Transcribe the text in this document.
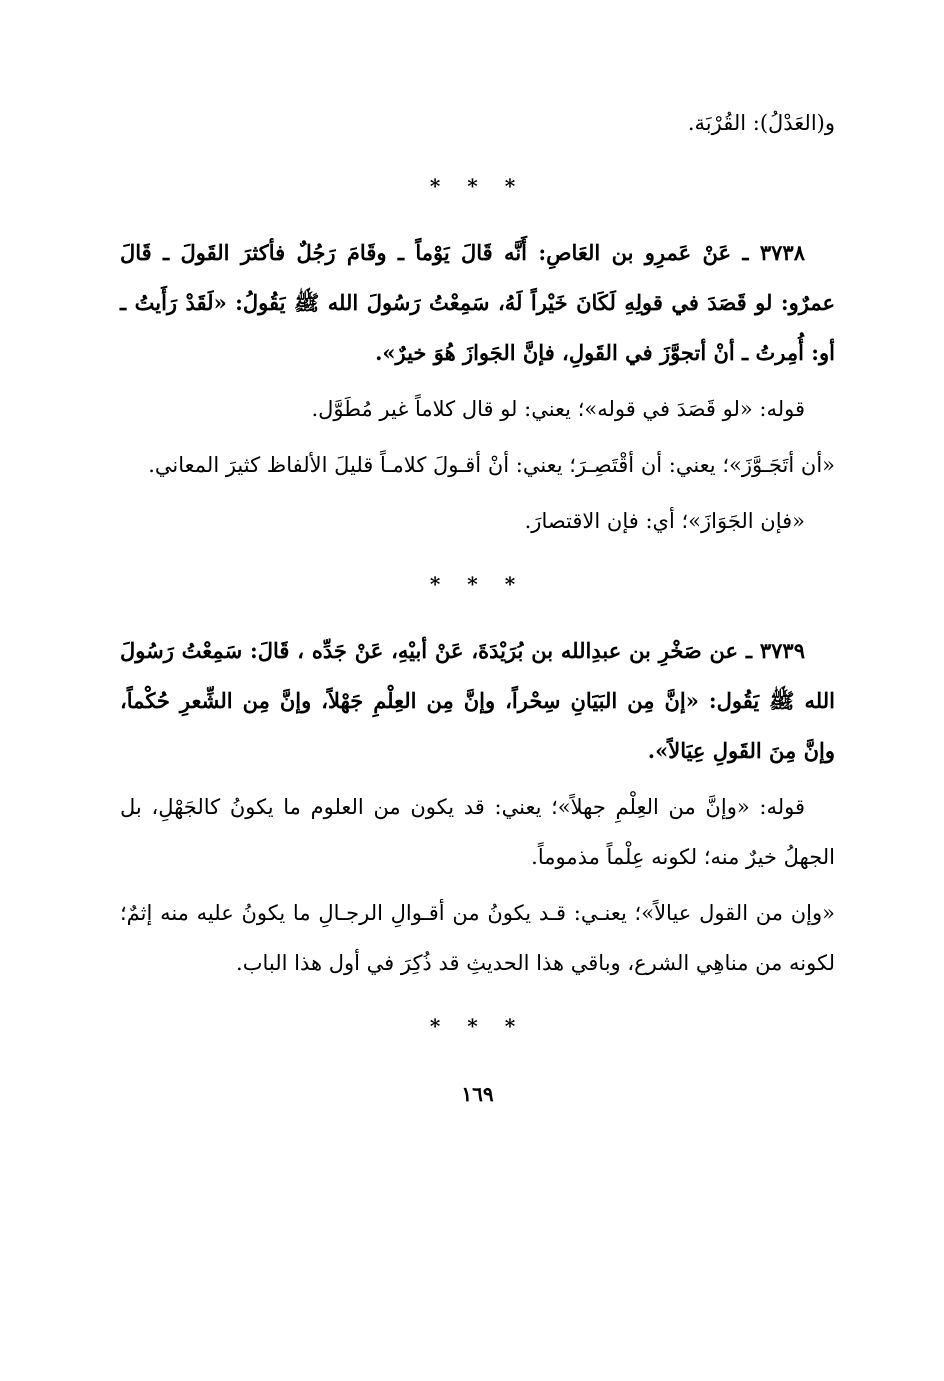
و(العَدْلُ): القُرْبَة.

* * *

٣٧٣٨ ـ عَنْ عَمرِو بن العَاصِ: أَنَّه قَالَ يَوْماً ـ وقَامَ رَجُلٌ فأكثرَ القَولَ ـ قَالَ عمرٌو: لو قَصَدَ في قولِهِ لَكَانَ خَيْراً لَهُ، سَمِعْتُ رَسُولَ الله ﷺ يَقُولُ: «لَقَدْ رَأَيتُ ـ أو: أُمِرتُ ـ أنْ أتجوَّزَ في القَولِ، فإنَّ الجَوازَ هُوَ خيرٌ».

قوله: «لو قَصَدَ في قوله»؛ يعني: لو قال كلاماً غير مُطَوَّل.

«أن أتَجَـوَّزَ»؛ يعني: أن أقْتَصِـرَ؛ يعني: أنْ أقـولَ كلامـاً قليلَ الألفاظ كثيرَ المعاني.

«فإن الجَوَازَ»؛ أي: فإن الاقتصارَ.

* * *

٣٧٣٩ ـ عن صَخْرِ بن عبدِالله بن بُرَيْدَةَ، عَنْ أبيْهِ، عَنْ جَدِّه ، قَالَ: سَمِعْتُ رَسُولَ الله ﷺ يَقُول: «إنَّ مِن البَيَانِ سِحْراً، وإنَّ مِن العِلْمِ جَهْلاً، وإنَّ مِن الشِّعرِ حُكْماً، وإنَّ مِنَ القَولِ عِيَالاً».

قوله: «وإنَّ من العِلْمِ جهلاً»؛ يعني: قد يكون من العلوم ما يكونُ كالجَهْلِ، بل الجهلُ خيرٌ منه؛ لكونه عِلْماً مذموماً.

«وإن من القول عيالاً»؛ يعنـي: قـد يكونُ من أقـوالِ الرجـالِ ما يكونُ عليه منه إثمٌ؛ لكونه من مناهِي الشرع، وباقي هذا الحديثِ قد ذُكِرَ في أول هذا الباب.

* * *
١٦٩
